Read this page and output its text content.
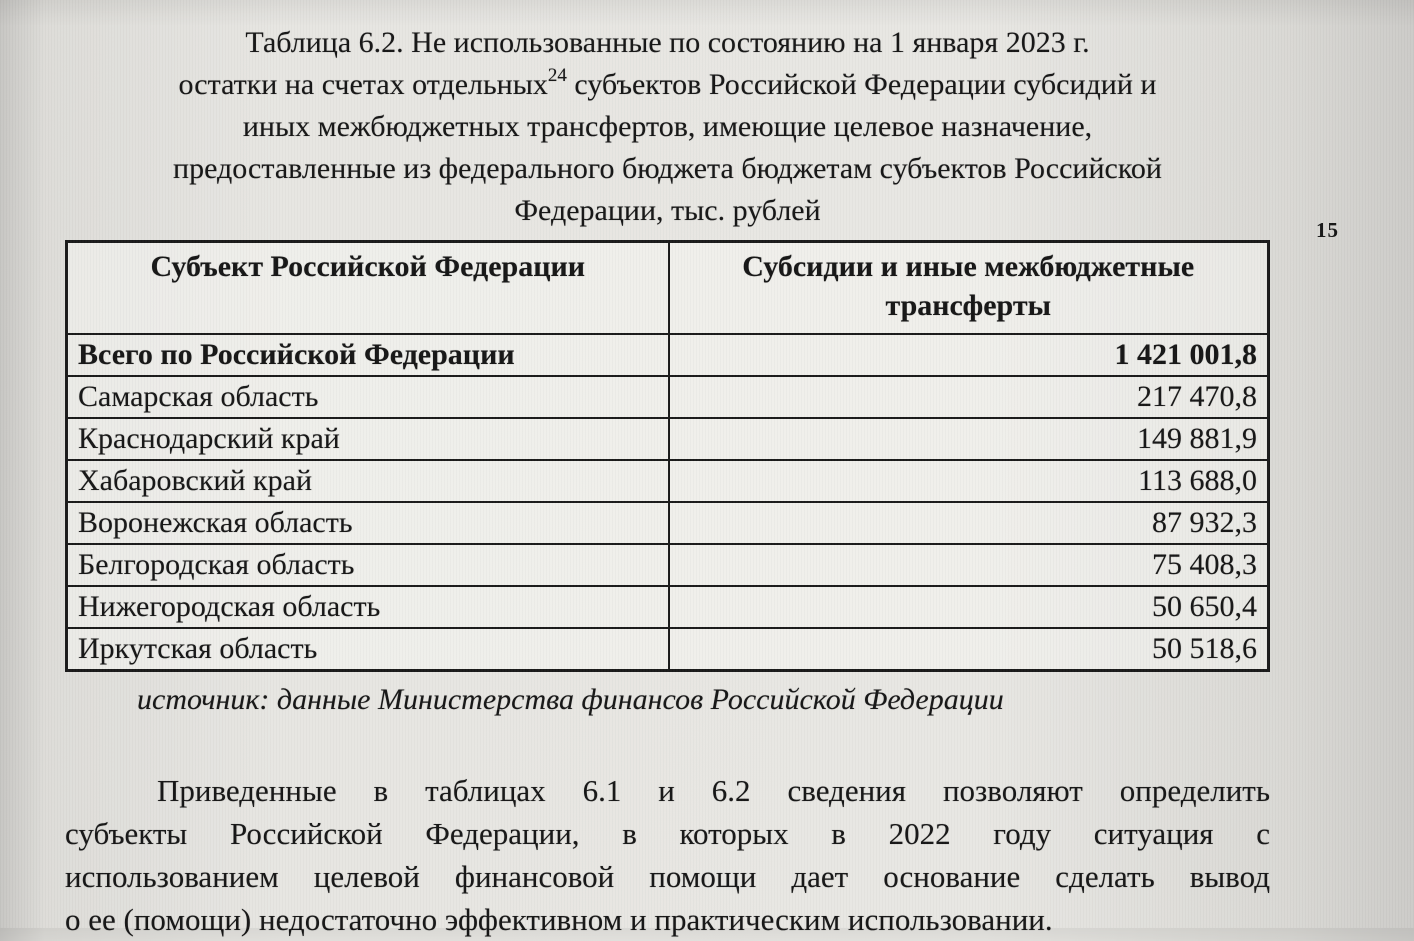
15
Таблица 6.2. Не использованные по состоянию на 1 января 2023 г.
остатки на счетах отдельных$^{24}$ субъектов Российской Федерации субсидий и
иных межбюджетных трансфертов, имеющие целевое назначение,
предоставленные из федерального бюджета бюджетам субъектов Российской
Федерации, тыс. рублей
Субъект Российской Федерации	Субсидии и иные межбюджетные трансферты
Всего по Российской Федерации	1 421 001,8
Самарская область	217 470,8
Краснодарский край	149 881,9
Хабаровский край	113 688,0
Воронежская область	87 932,3
Белгородская область	75 408,3
Нижегородская область	50 650,4
Иркутская область	50 518,6
источник: данные Министерства финансов Российской Федерации
Приведенные в таблицах 6.1 и 6.2 сведения позволяют определить
субъекты Российской Федерации, в которых в 2022 году ситуация с
использованием целевой финансовой помощи дает основание сделать вывод
о ее (помощи) недостаточно эффективном и практическим использовании.
